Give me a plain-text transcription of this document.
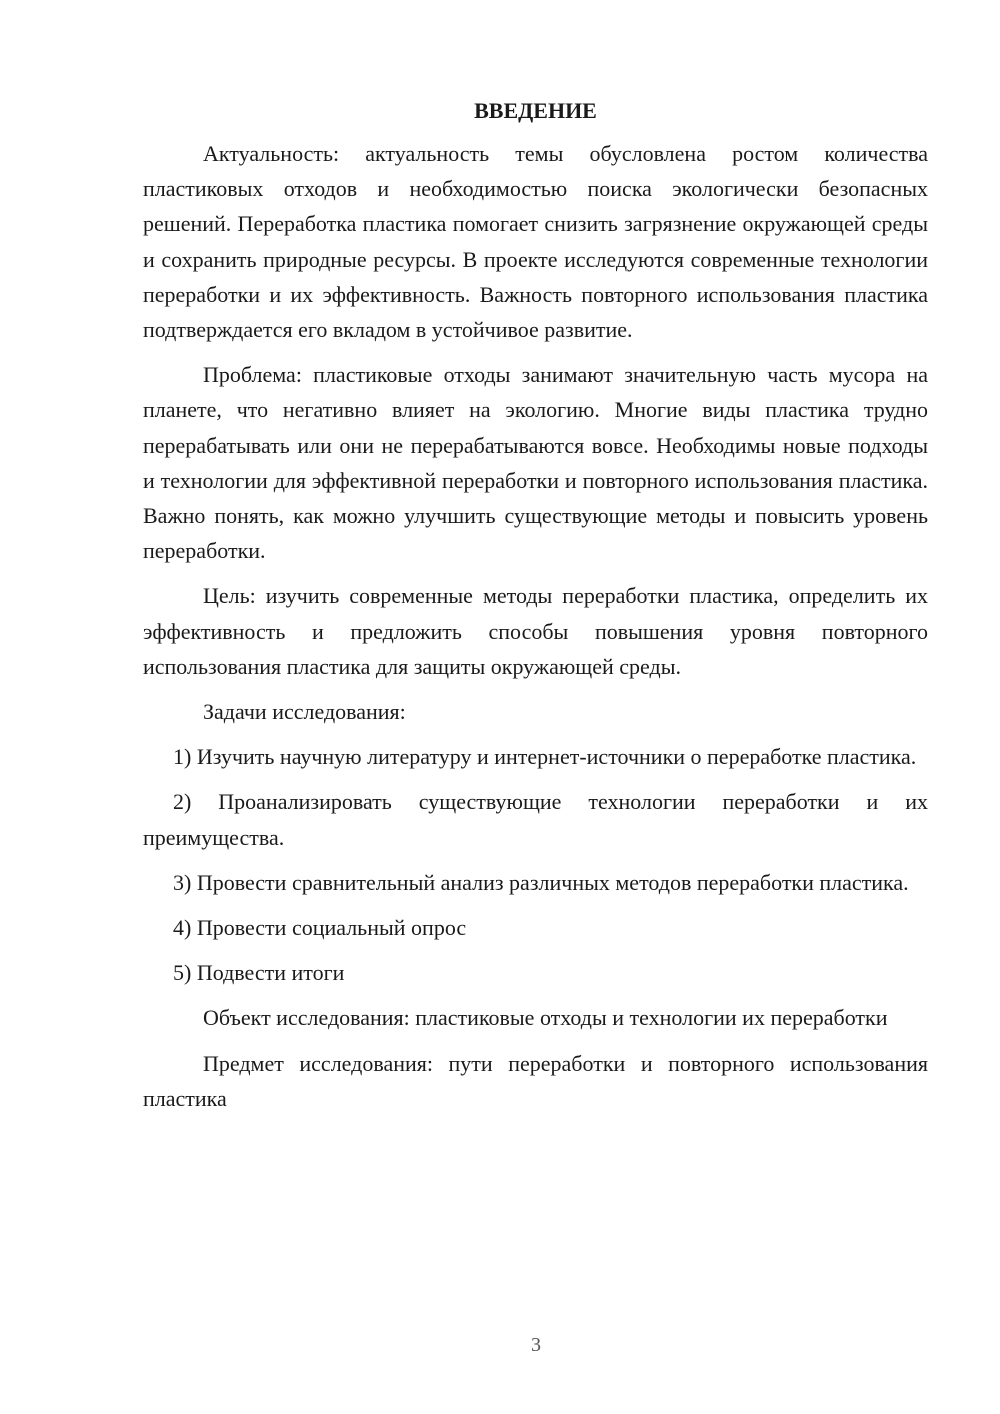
ВВЕДЕНИЕ

Актуальность: актуальность темы обусловлена ростом количества пластиковых отходов и необходимостью поиска экологически безопасных решений. Переработка пластика помогает снизить загрязнение окружающей среды и сохранить природные ресурсы. В проекте исследуются современные технологии переработки и их эффективность. Важность повторного использования пластика подтверждается его вкладом в устойчивое развитие.

Проблема: пластиковые отходы занимают значительную часть мусора на планете, что негативно влияет на экологию. Многие виды пластика трудно перерабатывать или они не перерабатываются вовсе. Необходимы новые подходы и технологии для эффективной переработки и повторного использования пластика. Важно понять, как можно улучшить существующие методы и повысить уровень переработки.

Цель: изучить современные методы переработки пластика, определить их эффективность и предложить способы повышения уровня повторного использования пластика для защиты окружающей среды.

Задачи исследования:

1) Изучить научную литературу и интернет-источники о переработке пластика.

2) Проанализировать существующие технологии переработки и их преимущества.

3) Провести сравнительный анализ различных методов переработки пластика.

4) Провести социальный опрос

5) Подвести итоги

Объект исследования: пластиковые отходы и технологии их переработки

Предмет исследования: пути переработки и повторного использования пластика

3
